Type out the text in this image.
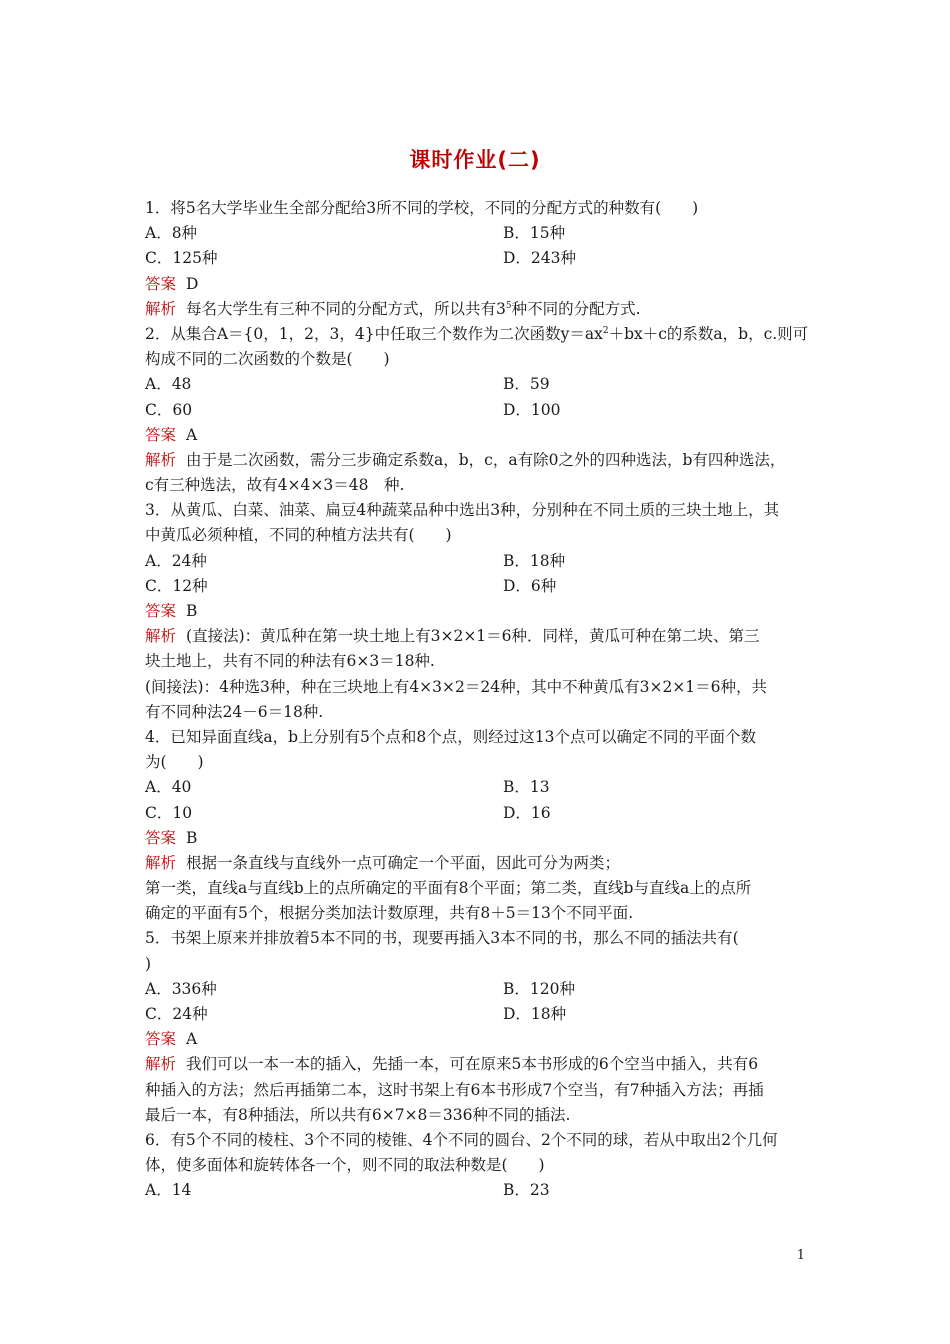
课时作业(二)
1．将5名大学毕业生全部分配给3所不同的学校，不同的分配方式的种数有(　　)
A．8种	B．15种
C．125种	D．243种
答案 D
解析 每名大学生有三种不同的分配方式，所以共有$3^5$种不同的分配方式.
2．从集合A＝{0，1，2，3，4}中任取三个数作为二次函数$y=ax^2+bx+c$的系数a，b，c.则可
构成不同的二次函数的个数是(　　)
A．48	B．59
C．60	D．100
答案 A
解析 由于是二次函数，需分三步确定系数a，b，c，a有除0之外的四种选法，b有四种选法，
c有三种选法，故有4×4×3＝48　种.
3．从黄瓜、白菜、油菜、扁豆4种蔬菜品种中选出3种，分别种在不同土质的三块土地上，其
中黄瓜必须种植，不同的种植方法共有(　　)
A．24种	B．18种
C．12种	D．6种
答案 B
解析 (直接法)：黄瓜种在第一块土地上有3×2×1＝6种．同样，黄瓜可种在第二块、第三
块土地上，共有不同的种法有6×3＝18种.
(间接法)：4种选3种，种在三块地上有4×3×2＝24种，其中不种黄瓜有3×2×1＝6种，共
有不同种法24－6＝18种.
4．已知异面直线a，b上分别有5个点和8个点，则经过这13个点可以确定不同的平面个数
为(　　)
A．40	B．13
C．10	D．16
答案 B
解析 根据一条直线与直线外一点可确定一个平面，因此可分为两类；
第一类，直线a与直线b上的点所确定的平面有8个平面；第二类，直线b与直线a上的点所
确定的平面有5个，根据分类加法计数原理，共有8＋5＝13个不同平面.
5．书架上原来并排放着5本不同的书，现要再插入3本不同的书，那么不同的插法共有(
)
A．336种	B．120种
C．24种	D．18种
答案 A
解析 我们可以一本一本的插入，先插一本，可在原来5本书形成的6个空当中插入，共有6
种插入的方法；然后再插第二本，这时书架上有6本书形成7个空当，有7种插入方法；再插
最后一本，有8种插法，所以共有6×7×8＝336种不同的插法.
6．有5个不同的棱柱、3个不同的棱锥、4个不同的圆台、2个不同的球，若从中取出2个几何
体，使多面体和旋转体各一个，则不同的取法种数是(　　)
A．14	B．23
1
